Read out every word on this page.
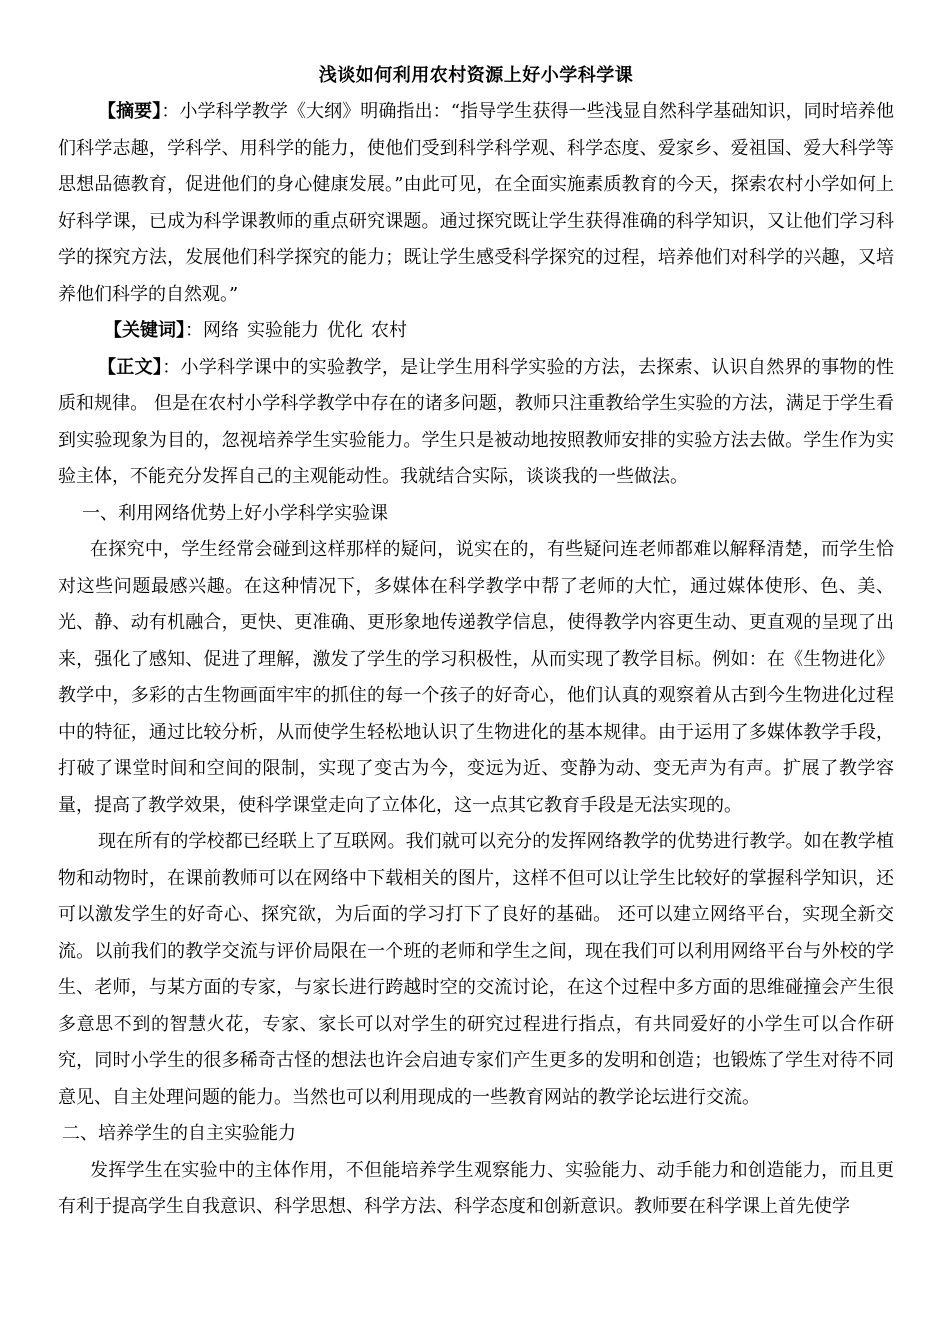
浅谈如何利用农村资源上好小学科学课

【摘要】：小学科学教学《大纲》明确指出：“指导学生获得一些浅显自然科学基础知识，同时培养他们科学志趣，学科学、用科学的能力，使他们受到科学科学观、科学态度、爱家乡、爱祖国、爱大科学等思想品德教育，促进他们的身心健康发展。”由此可见，在全面实施素质教育的今天，探索农村小学如何上好科学课，已成为科学课教师的重点研究课题。通过探究既让学生获得准确的科学知识，又让他们学习科学的探究方法，发展他们科学探究的能力；既让学生感受科学探究的过程，培养他们对科学的兴趣，又培养他们科学的自然观。”

【关键词】：网络 实验能力 优化 农村

【正文】：小学科学课中的实验教学，是让学生用科学实验的方法，去探索、认识自然界的事物的性质和规律。 但是在农村小学科学教学中存在的诸多问题，教师只注重教给学生实验的方法，满足于学生看到实验现象为目的，忽视培养学生实验能力。学生只是被动地按照教师安排的实验方法去做。学生作为实验主体，不能充分发挥自己的主观能动性。我就结合实际，谈谈我的一些做法。

一、利用网络优势上好小学科学实验课

在探究中，学生经常会碰到这样那样的疑问，说实在的，有些疑问连老师都难以解释清楚，而学生恰对这些问题最感兴趣。在这种情况下，多媒体在科学教学中帮了老师的大忙，通过媒体使形、色、美、光、静、动有机融合，更快、更准确、更形象地传递教学信息，使得教学内容更生动、更直观的呈现了出来，强化了感知、促进了理解，激发了学生的学习积极性，从而实现了教学目标。例如：在《生物进化》教学中，多彩的古生物画面牢牢的抓住的每一个孩子的好奇心，他们认真的观察着从古到今生物进化过程中的特征，通过比较分析，从而使学生轻松地认识了生物进化的基本规律。由于运用了多媒体教学手段，打破了课堂时间和空间的限制，实现了变古为今，变远为近、变静为动、变无声为有声。扩展了教学容量，提高了教学效果，使科学课堂走向了立体化，这一点其它教育手段是无法实现的。

现在所有的学校都已经联上了互联网。我们就可以充分的发挥网络教学的优势进行教学。如在教学植物和动物时，在课前教师可以在网络中下载相关的图片，这样不但可以让学生比较好的掌握科学知识，还可以激发学生的好奇心、探究欲，为后面的学习打下了良好的基础。 还可以建立网络平台，实现全新交流。以前我们的教学交流与评价局限在一个班的老师和学生之间，现在我们可以利用网络平台与外校的学生、老师，与某方面的专家，与家长进行跨越时空的交流讨论，在这个过程中多方面的思维碰撞会产生很多意思不到的智慧火花，专家、家长可以对学生的研究过程进行指点，有共同爱好的小学生可以合作研究，同时小学生的很多稀奇古怪的想法也许会启迪专家们产生更多的发明和创造；也锻炼了学生对待不同意见、自主处理问题的能力。当然也可以利用现成的一些教育网站的教学论坛进行交流。

二、培养学生的自主实验能力

发挥学生在实验中的主体作用，不但能培养学生观察能力、实验能力、动手能力和创造能力，而且更有利于提高学生自我意识、科学思想、科学方法、科学态度和创新意识。教师要在科学课上首先使学
